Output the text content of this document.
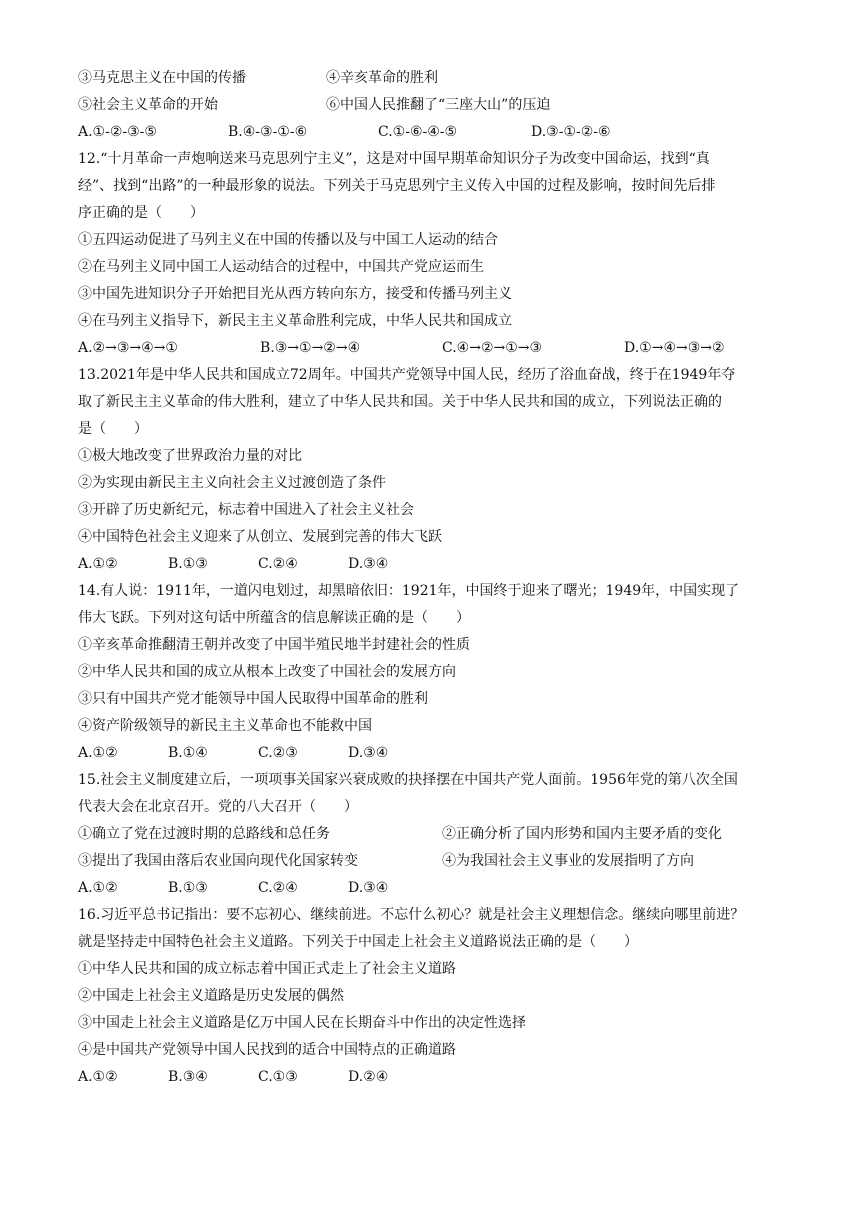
③马克思主义在中国的传播	④辛亥革命的胜利
⑤社会主义革命的开始	⑥中国人民推翻了“三座大山”的压迫
A.①-②-③-⑤	B.④-③-①-⑥	C.①-⑥-④-⑤	D.③-①-②-⑥
12.“十月革命一声炮响送来马克思列宁主义”，这是对中国早期革命知识分子为改变中国命运，找到“真
经”、找到“出路”的一种最形象的说法。下列关于马克思列宁主义传入中国的过程及影响，按时间先后排
序正确的是（　　）
①五四运动促进了马列主义在中国的传播以及与中国工人运动的结合
②在马列主义同中国工人运动结合的过程中，中国共产党应运而生
③中国先进知识分子开始把目光从西方转向东方，接受和传播马列主义
④在马列主义指导下，新民主主义革命胜利完成，中华人民共和国成立
A.②→③→④→①	B.③→①→②→④	C.④→②→①→③	D.①→④→③→②
13.2021年是中华人民共和国成立72周年。中国共产党领导中国人民，经历了浴血奋战，终于在1949年夺
取了新民主主义革命的伟大胜利，建立了中华人民共和国。关于中华人民共和国的成立，下列说法正确的
是（　　）
①极大地改变了世界政治力量的对比
②为实现由新民主主义向社会主义过渡创造了条件
③开辟了历史新纪元，标志着中国进入了社会主义社会
④中国特色社会主义迎来了从创立、发展到完善的伟大飞跃
A.①②	B.①③	C.②④	D.③④
14.有人说：1911年，一道闪电划过，却黑暗依旧：1921年，中国终于迎来了曙光；1949年，中国实现了
伟大飞跃。下列对这句话中所蕴含的信息解读正确的是（　　）
①辛亥革命推翻清王朝并改变了中国半殖民地半封建社会的性质
②中华人民共和国的成立从根本上改变了中国社会的发展方向
③只有中国共产党才能领导中国人民取得中国革命的胜利
④资产阶级领导的新民主主义革命也不能救中国
A.①②	B.①④	C.②③	D.③④
15.社会主义制度建立后，一项项事关国家兴衰成败的抉择摆在中国共产党人面前。1956年党的第八次全国
代表大会在北京召开。党的八大召开（　　）
①确立了党在过渡时期的总路线和总任务	②正确分析了国内形势和国内主要矛盾的变化
③提出了我国由落后农业国向现代化国家转变	④为我国社会主义事业的发展指明了方向
A.①②	B.①③	C.②④	D.③④
16.习近平总书记指出：要不忘初心、继续前进。不忘什么初心？就是社会主义理想信念。继续向哪里前进？
就是坚持走中国特色社会主义道路。下列关于中国走上社会主义道路说法正确的是（　　）
①中华人民共和国的成立标志着中国正式走上了社会主义道路
②中国走上社会主义道路是历史发展的偶然
③中国走上社会主义道路是亿万中国人民在长期奋斗中作出的决定性选择
④是中国共产党领导中国人民找到的适合中国特点的正确道路
A.①②	B.③④	C.①③	D.②④
